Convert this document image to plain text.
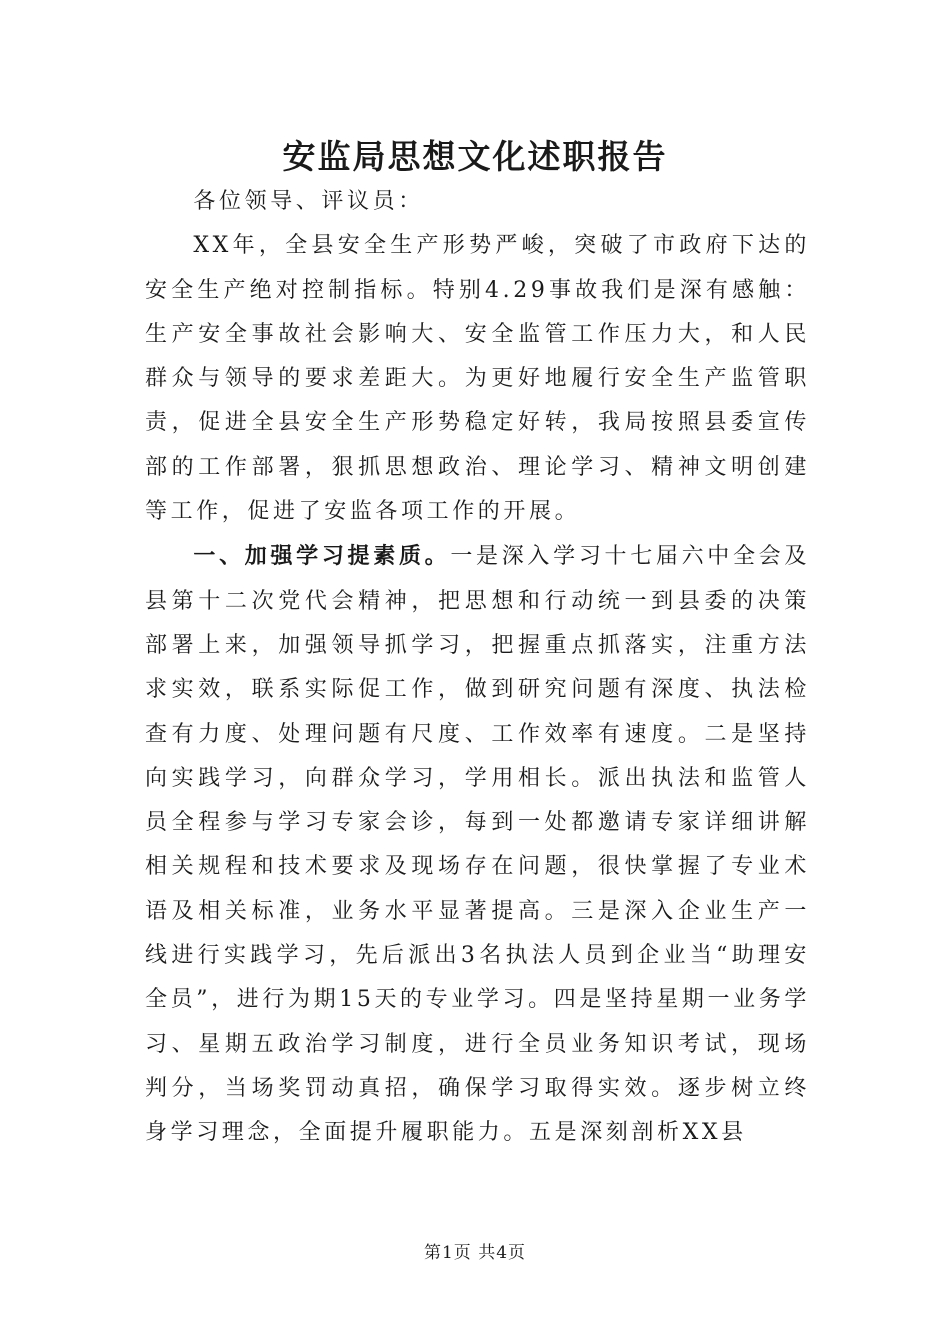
安监局思想文化述职报告

各位领导、评议员：

XX年，全县安全生产形势严峻，突破了市政府下达的安全生产绝对控制指标。特别4.29事故我们是深有感触：生产安全事故社会影响大、安全监管工作压力大，和人民群众与领导的要求差距大。为更好地履行安全生产监管职责，促进全县安全生产形势稳定好转，我局按照县委宣传部的工作部署，狠抓思想政治、理论学习、精神文明创建等工作，促进了安监各项工作的开展。

一、加强学习提素质。一是深入学习十七届六中全会及县第十二次党代会精神，把思想和行动统一到县委的决策部署上来，加强领导抓学习，把握重点抓落实，注重方法求实效，联系实际促工作，做到研究问题有深度、执法检查有力度、处理问题有尺度、工作效率有速度。二是坚持向实践学习，向群众学习，学用相长。派出执法和监管人员全程参与学习专家会诊，每到一处都邀请专家详细讲解相关规程和技术要求及现场存在问题，很快掌握了专业术语及相关标准，业务水平显著提高。三是深入企业生产一线进行实践学习，先后派出3名执法人员到企业当“助理安全员”，进行为期15天的专业学习。四是坚持星期一业务学习、星期五政治学习制度，进行全员业务知识考试，现场判分，当场奖罚动真招，确保学习取得实效。逐步树立终身学习理念，全面提升履职能力。五是深刻剖析XX县

第1页 共4页
